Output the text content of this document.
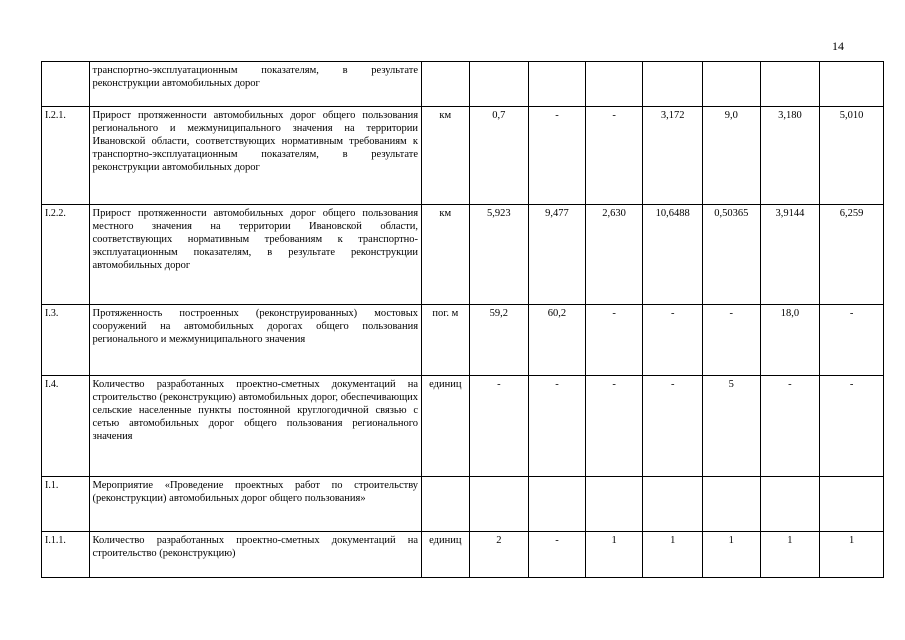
14
	транспортно-эксплуатационным показателям, в результате реконструкции автомобильных дорог								
I.2.1.	Прирост протяженности автомобильных дорог общего пользования регионального и межмуниципального значения на территории Ивановской области, соответствующих нормативным требованиям к транспортно-эксплуатационным показателям, в результате реконструкции автомобильных дорог	км	0,7	-	-	3,172	9,0	3,180	5,010
I.2.2.	Прирост протяженности автомобильных дорог общего пользования местного значения на территории Ивановской области, соответствующих нормативным требованиям к транспортно-эксплуатационным показателям, в результате реконструкции автомобильных дорог	км	5,923	9,477	2,630	10,6488	0,50365	3,9144	6,259
I.3.	Протяженность построенных (реконструированных) мостовых сооружений на автомобильных дорогах общего пользования регионального и межмуниципального значения	пог. м	59,2	60,2	-	-	-	18,0	-
I.4.	Количество разработанных проектно-сметных документаций на строительство (реконструкцию) автомобильных дорог, обеспечивающих сельские населенные пункты постоянной круглогодичной связью с сетью автомобильных дорог общего пользования регионального значения	единиц	-	-	-	-	5	-	-
I.1.	Мероприятие «Проведение проектных работ по строительству (реконструкции) автомобильных дорог общего пользования»								
I.1.1.	Количество разработанных проектно-сметных документаций на строительство (реконструкцию)	единиц	2	-	1	1	1	1	1
